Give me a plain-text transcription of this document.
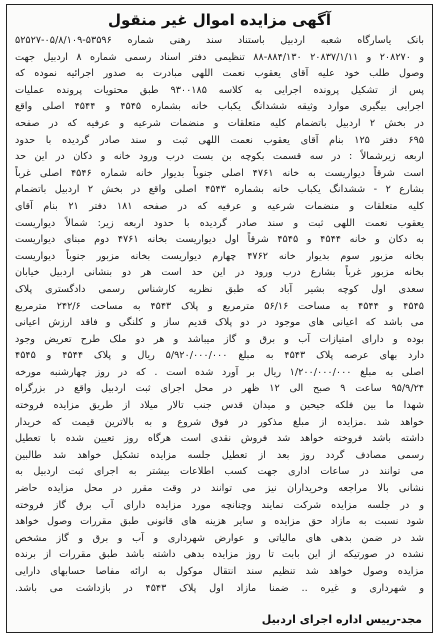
آگهی مزایده اموال غیر منقول
بانک یاسارگاه شعبه اردبیل باستناد سند رهنی شماره ۵۳۵۹۶-۰۵/۸/۱۰۹-۵۲۵۲۷
و ۲۰۸۲۷۰ و ۲۰۸۳۷/۱/۱۱ ۸۸۴/۱۳۰-۸۸ تنظیمی دفتر اسناد رسمی شماره ۸ اردبیل جهت
وصول طلب خود علیه آقای یعقوب نعمت اللهی مبادرت به صدور اجرائیه نموده که
پس از تشکیل پرونده اجرایی به کلاسه ۹۳۰۰۱۸۵ طبق محتویات پرونده عملیات
اجرایی بیگیری موارد وثیقه ششدانگ یکباب خانه بشماره ۴۵۴۵ و ۴۵۴۴ اصلی واقع
در بخش ۲ اردبیل باتضمام کلیه متعلقات و منضمات شرعیه و عرفیه که در صفحه
۶۹۵ دفتر ۱۲۵ بنام آقای یعقوب نعمت اللهی ثبت و سند صادر گردیده با حدود
اربعه زیرشمالاً : در سه قسمت بکوچه بن بست درب ورود خانه و دکان در این حد
است شرقاً دیواریست به خانه ۴۷۶۱ اصلی جنوباً بدیوار خانه شماره ۴۵۴۶ اصلی غرباً
بشارع ۲ - ششدانگ یکباب خانه بشماره ۴۵۴۳ اصلی واقع در بخش ۲ اردبیل باتضمام
کلیه متعلقات و منضمات شرعیه و عرفیه که در صفحه ۱۸۱ دفتر ۲۱ بنام آقای
یعقوب نعمت اللهی ثبت و سند صادر گردیده با حدود اربعه زیر: شمالاً دیواریست
به دکان و خانه ۴۵۴۴ و ۴۵۴۵ شرقاً اول دیواریست بخانه ۴۷۶۱ دوم مبنای دیواریست
بخانه مزبور سوم بدیوار خانه ۴۷۶۲ چهارم دیواریست بخانه مزبور جنوباً دیواریست
بخانه مزبور غرباً بشارع درب ورود در این حد است هر دو بنشانی اردبیل خیابان
سعدی اول کوچه بشیر آباد که طبق نظریه کارشناس رسمی دادگستری پلاک
۴۵۴۵ و ۴۵۴۴ به مساحت ۵۶/۱۶ مترمربع و پلاک ۴۵۴۳ به مساحت ۲۴۲/۶ مترمربع
می باشد که اعیانی های موجود در دو پلاک قدیم ساز و کلنگی و فاقد ارزش اعیانی
بوده و دارای امتیازات آب و برق و گاز میباشد و هر دو ملک طرح تعریض وجود
دارد بهای عرصه پلاک ۴۵۴۳ به مبلغ ۵/۹۲۰/۰۰۰/۰۰۰ ریال و پلاک ۴۵۴۴ و ۴۵۴۵
اصلی به مبلغ ۱/۲۰۰/۰۰۰/۰۰۰ ریال بر آورد شده است . که در روز چهارشنبه مورخه
۹۵/۹/۲۴ ساعت ۹ صبح الی ۱۲ ظهر در محل اجرای ثبت اردبیل واقع در بزرگراه
شهدا ما بین فلکه جیحین و میدان قدس جنب تالار میلاد از طریق مزایده فروخته
خواهد شد .مزایده از مبلغ مذکور در فوق شروع و به بالاترین قیمت که خریدار
داشته باشد فروخته خواهد شد فروش نقدی است هرگاه روز تعیین شده با تعطیل
رسمی مصادف گردد روز بعد از تعطیل جلسه مزایده تشکیل خواهد شد طالبین
می توانند در ساعات اداری جهت کسب اطلاعات بیشتر به اجرای ثبت اردبیل به
نشانی بالا مراجعه وخریداران نیز می توانند در وقت مقرر در محل مزایده حاضر
و در جلسه مزایده شرکت نمایند وچنانچه مورد مزایده دارای آب برق گاز فروخته
شود نسبت به مازاد حق مزایده و سایر هزینه های قانونی طبق مقررات وصول خواهد
شد در ضمن بدهی های مالیاتی و عوارض شهرداری و آب و برق و گاز مشخص
نشده در صورتیکه از این بابت تا روز مزایده بدهی داشته باشد طبق مقررات از برنده
مزایده وصول خواهد شد تنظیم سند انتقال موکول به ارائه مفاصا حسابهای دارایی
و شهرداری و غیره .. ضمنا مازاد اول پلاک ۴۵۴۳ در بازداشت می باشد.
مجد-رییس اداره اجرای اردبیل
